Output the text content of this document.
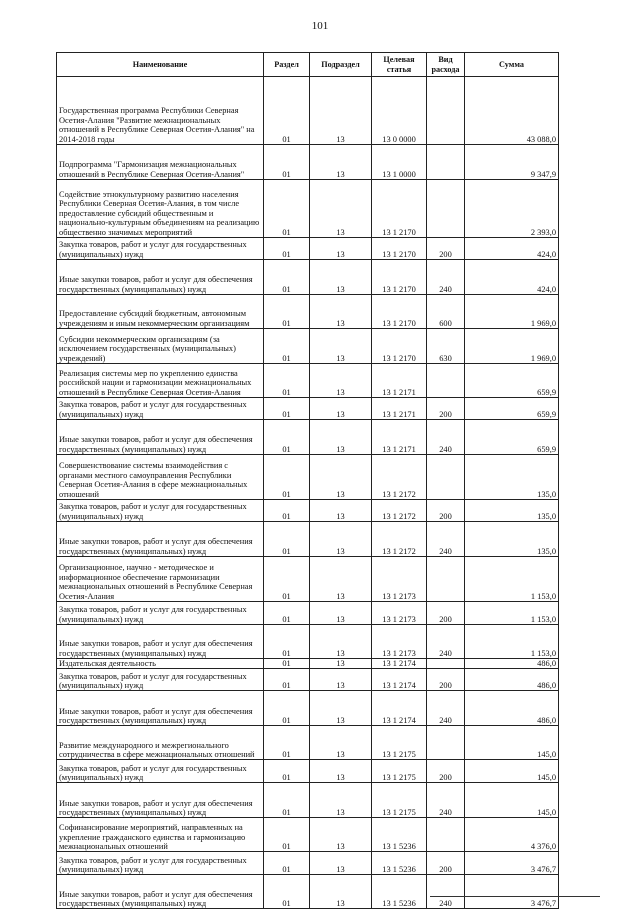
101
Наименование	Раздел	Подраздел	Целевая статья	Вид расхода	Сумма
Государственная программа Республики Северная Осетия-Алания "Развитие межнациональных отношений в Республике Северная Осетия-Алания" на 2014-2018 годы	01	13	13 0 0000		43 088,0
Подпрограмма "Гармонизация межнациональных отношений в Республике Северная Осетия-Алания"	01	13	13 1 0000		9 347,9
Содействие этнокультурному развитию населения Республики Северная Осетия-Алания, в том числе предоставление субсидий общественным и национально-культурным объединениям на реализацию общественно значимых мероприятий	01	13	13 1 2170		2 393,0
Закупка товаров, работ и услуг для государственных (муниципальных) нужд	01	13	13 1 2170	200	424,0
Иные закупки товаров, работ и услуг для обеспечения государственных (муниципальных) нужд	01	13	13 1 2170	240	424,0
Предоставление субсидий бюджетным, автономным учреждениям и иным некоммерческим организациям	01	13	13 1 2170	600	1 969,0
Субсидии некоммерческим организациям (за исключением государственных (муниципальных) учреждений)	01	13	13 1 2170	630	1 969,0
Реализация системы мер по укреплению единства российской нации и гармонизации межнациональных отношений в Республике Северная Осетия-Алания	01	13	13 1 2171		659,9
Закупка товаров, работ и услуг для государственных (муниципальных) нужд	01	13	13 1 2171	200	659,9
Иные закупки товаров, работ и услуг для обеспечения государственных (муниципальных) нужд	01	13	13 1 2171	240	659,9
Совершенствование системы взаимодействия с органами местного самоуправления Республики Северная Осетия-Алания в сфере межнациональных отношений	01	13	13 1 2172		135,0
Закупка товаров, работ и услуг для государственных (муниципальных) нужд	01	13	13 1 2172	200	135,0
Иные закупки товаров, работ и услуг для обеспечения государственных (муниципальных) нужд	01	13	13 1 2172	240	135,0
Организационное, научно - методическое и информационное обеспечение гармонизации межнациональных отношений в Республике Северная Осетия-Алания	01	13	13 1 2173		1 153,0
Закупка товаров, работ и услуг для государственных (муниципальных) нужд	01	13	13 1 2173	200	1 153,0
Иные закупки товаров, работ и услуг для обеспечения государственных (муниципальных) нужд	01	13	13 1 2173	240	1 153,0
Издательская деятельность	01	13	13 1 2174		486,0
Закупка товаров, работ и услуг для государственных (муниципальных) нужд	01	13	13 1 2174	200	486,0
Иные закупки товаров, работ и услуг для обеспечения государственных (муниципальных) нужд	01	13	13 1 2174	240	486,0
Развитие международного и межрегионального сотрудничества в сфере межнациональных отношений	01	13	13 1 2175		145,0
Закупка товаров, работ и услуг для государственных (муниципальных) нужд	01	13	13 1 2175	200	145,0
Иные закупки товаров, работ и услуг для обеспечения государственных (муниципальных) нужд	01	13	13 1 2175	240	145,0
Софинансирование мероприятий, направленных на укрепление гражданского единства и гармонизацию межнациональных отношений	01	13	13 1 5236		4 376,0
Закупка товаров, работ и услуг для государственных (муниципальных) нужд	01	13	13 1 5236	200	3 476,7
Иные закупки товаров, работ и услуг для обеспечения государственных (муниципальных) нужд	01	13	13 1 5236	240	3 476,7
